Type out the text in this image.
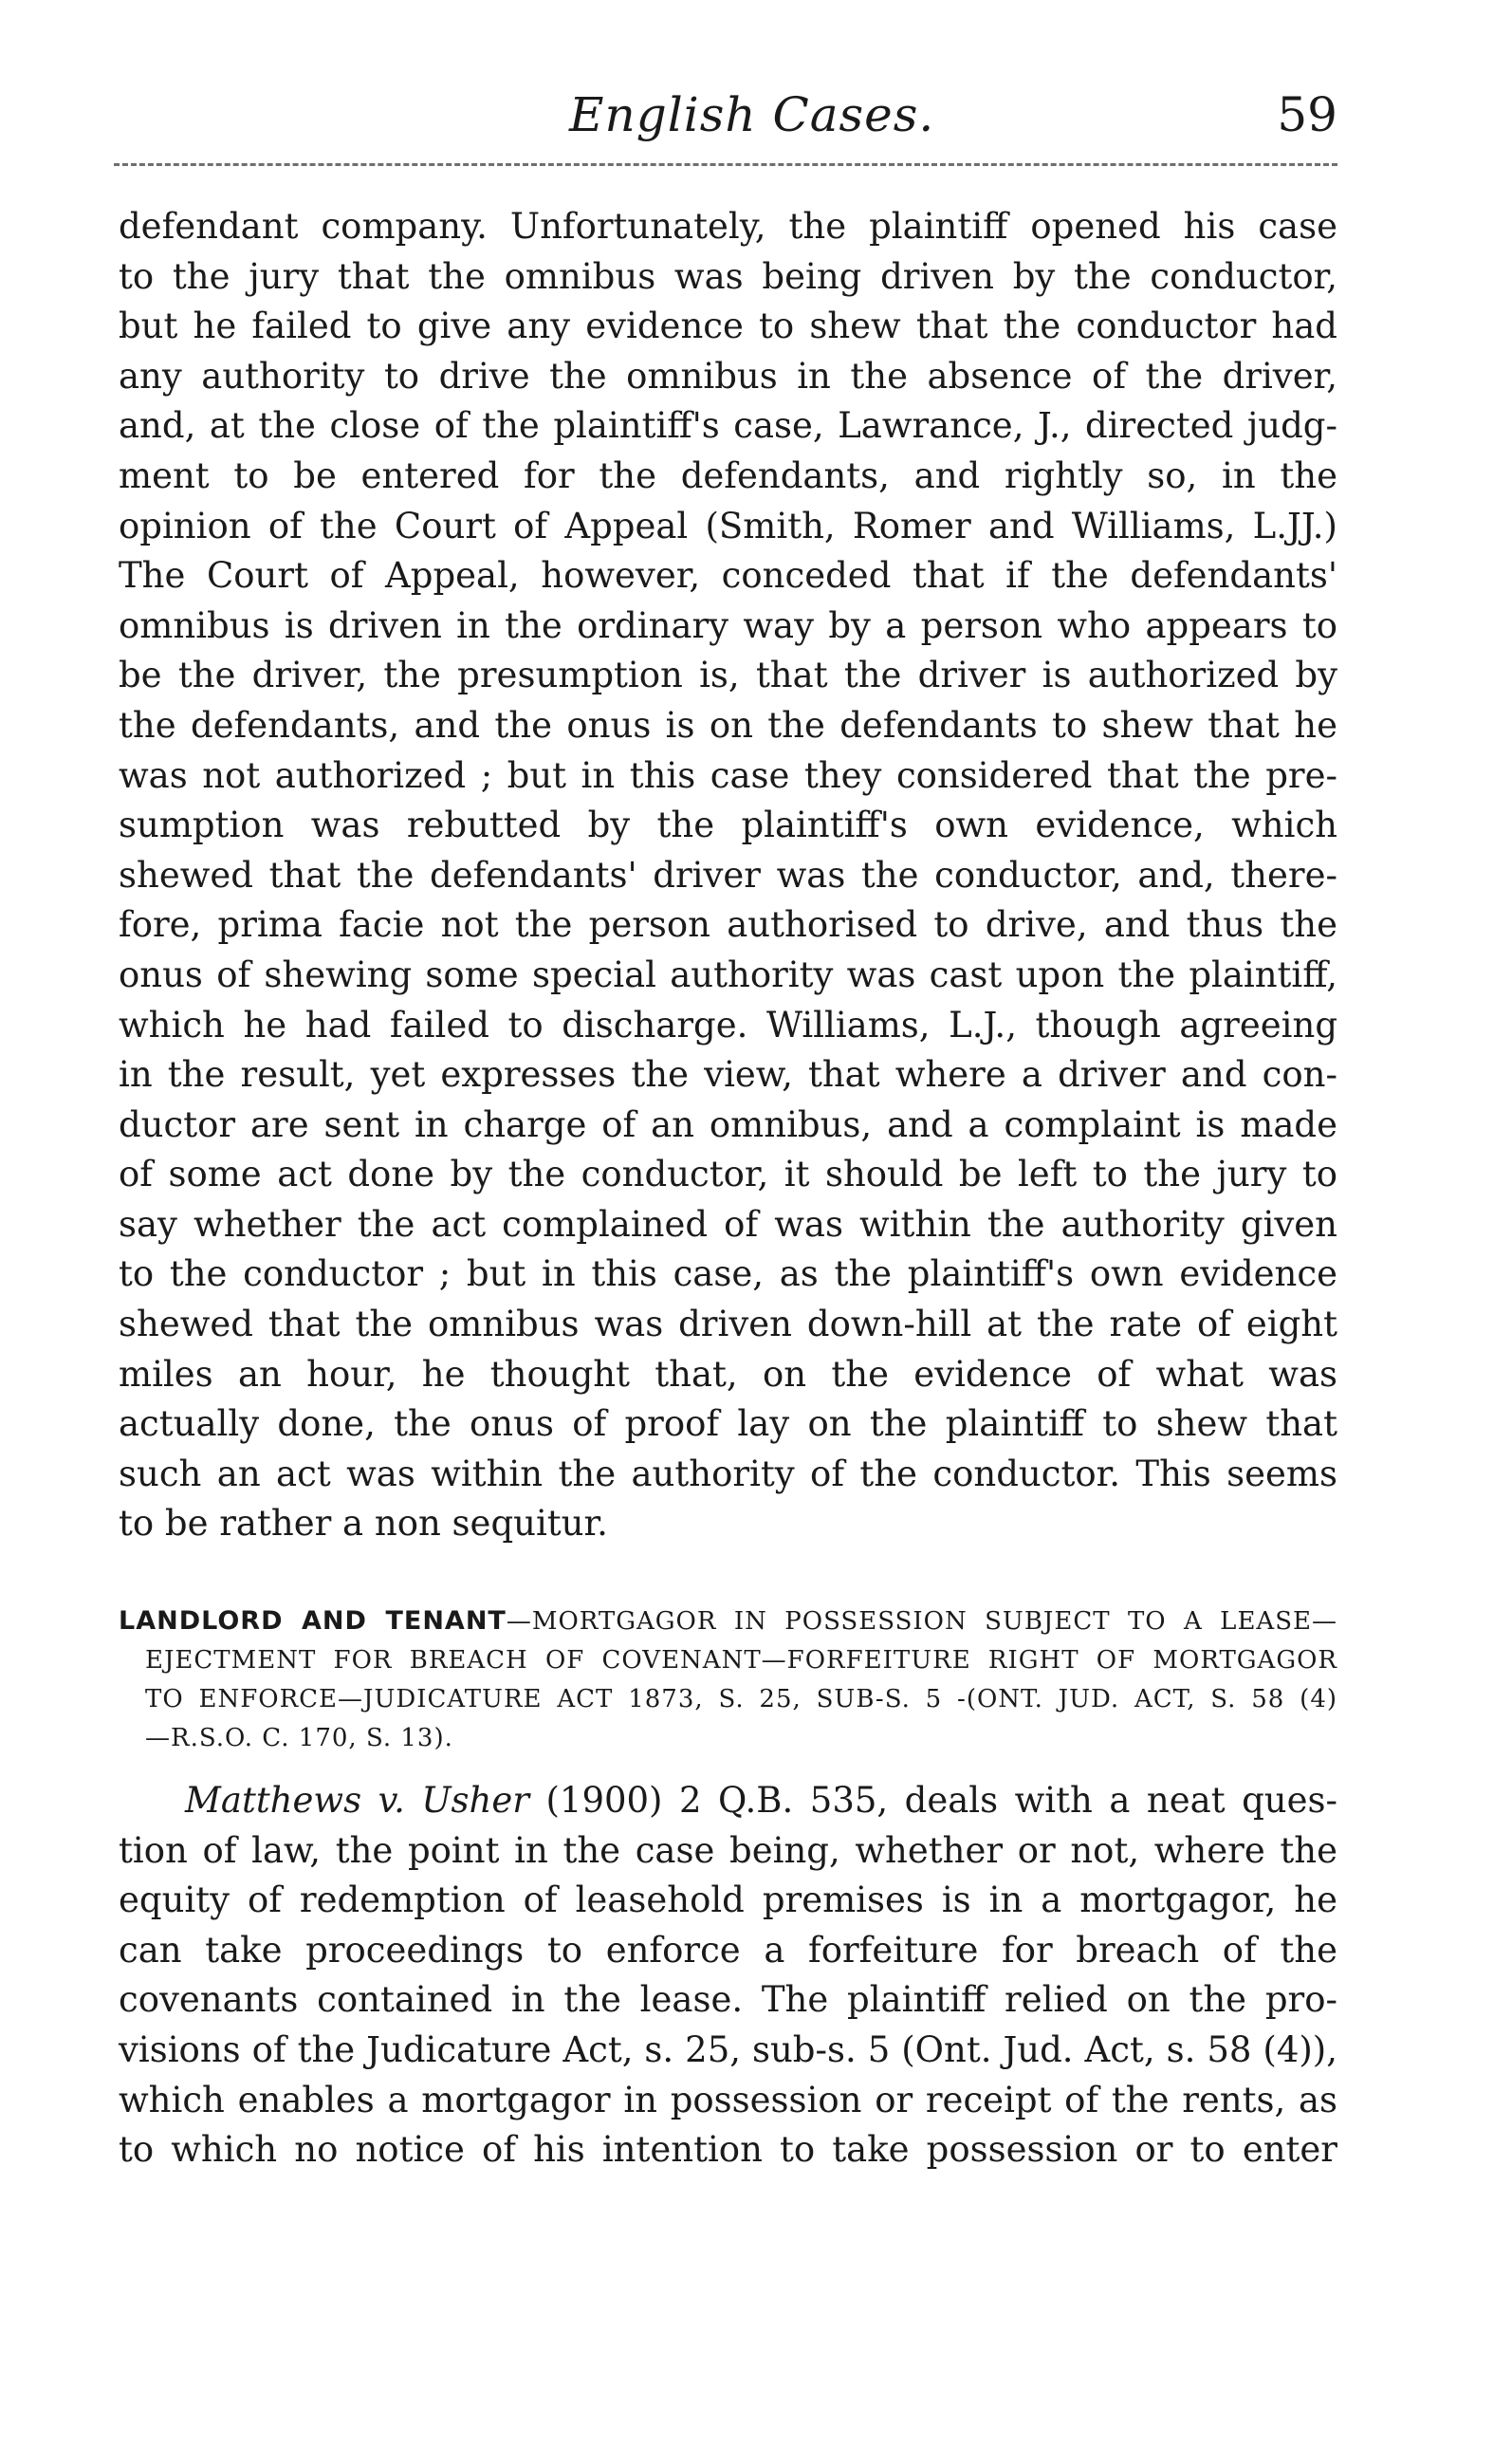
English Cases.	59
defendant company. Unfortunately, the plaintiff opened his case
to the jury that the omnibus was being driven by the conductor,
but he failed to give any evidence to shew that the conductor had
any authority to drive the omnibus in the absence of the driver,
and, at the close of the plaintiff's case, Lawrance, J., directed judg-
ment to be entered for the defendants, and rightly so, in the
opinion of the Court of Appeal (Smith, Romer and Williams, L.JJ.)
The Court of Appeal, however, conceded that if the defendants'
omnibus is driven in the ordinary way by a person who appears to
be the driver, the presumption is, that the driver is authorized by
the defendants, and the onus is on the defendants to shew that he
was not authorized ; but in this case they considered that the pre-
sumption was rebutted by the plaintiff's own evidence, which
shewed that the defendants' driver was the conductor, and, there-
fore, prima facie not the person authorised to drive, and thus the
onus of shewing some special authority was cast upon the plaintiff,
which he had failed to discharge. Williams, L.J., though agreeing
in the result, yet expresses the view, that where a driver and con-
ductor are sent in charge of an omnibus, and a complaint is made
of some act done by the conductor, it should be left to the jury to
say whether the act complained of was within the authority given
to the conductor ; but in this case, as the plaintiff's own evidence
shewed that the omnibus was driven down-hill at the rate of eight
miles an hour, he thought that, on the evidence of what was
actually done, the onus of proof lay on the plaintiff to shew that
such an act was within the authority of the conductor. This seems
to be rather a non sequitur.
LANDLORD AND TENANT—MORTGAGOR IN POSSESSION SUBJECT TO A LEASE—
EJECTMENT FOR BREACH OF COVENANT—FORFEITURE RIGHT OF MORTGAGOR
TO ENFORCE—JUDICATURE ACT 1873, S. 25, SUB-S. 5 -(ONT. JUD. ACT, S. 58 (4)
—R.S.O. C. 170, S. 13).
Matthews v. Usher (1900) 2 Q.B. 535, deals with a neat ques-
tion of law, the point in the case being, whether or not, where the
equity of redemption of leasehold premises is in a mortgagor, he
can take proceedings to enforce a forfeiture for breach of the
covenants contained in the lease. The plaintiff relied on the pro-
visions of the Judicature Act, s. 25, sub-s. 5 (Ont. Jud. Act, s. 58 (4)),
which enables a mortgagor in possession or receipt of the rents, as
to which no notice of his intention to take possession or to enter
